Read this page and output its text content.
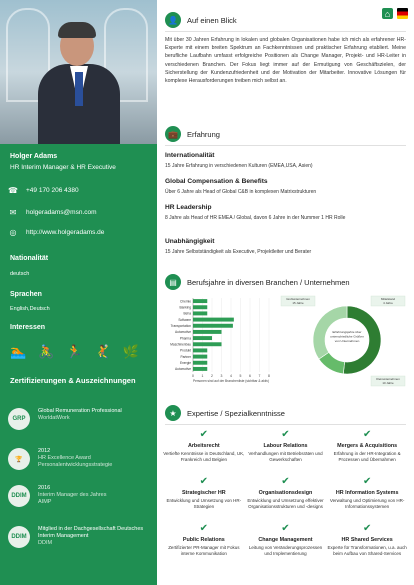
Holger Adams
HR Interim Manager & HR Executive
☎ +49 170 206 4380
✉ holgeradams@msn.com
◎ http://www.holgeradams.de
Nationalität
deutsch
Sprachen
English,Deutsch
Interessen
🏊 🚴 🏃 🤾 🌿
Zertifizierungen & Auszeichnungen
GRP
Global Remuneration Professional
WorldatWork
🏆
2012
HR Excellence Award
Personalentwicklungsstrategie
DDIM
2016
Interim Manager des Jahres
AIMP
DDIM
Mitglied in der Dachgesellschaft Deutsches Interim Management
DDIM
⌂
👤	Auf einen Blick
Mit über 30 Jahren Erfahrung in lokalen und globalen Organisationen habe ich mich als erfahrener HR-Experte mit einem breiten Spektrum an Fachkenntnissen und praktischer Erfahrung etabliert. Meine berufliche Laufbahn umfasst erfolgreiche Positionen als Change Manager, Projekt- und HR-Leiter in verschiedenen Branchen. Der Fokus liegt immer auf der Ermutigung von Geschäftszielen, der Sicherstellung der Kundenzufriedenheit und der Motivation der Mitarbeiter. Innovative Lösungen für komplexe Herausforderungen treiben mich selbst an.
💼	Erfahrung
Internationalität
15 Jahre Erfahrung in verschiedenen Kulturen (EMEA,USA, Asien)
Global Compensation & Benefits
Über 6 Jahre als Head of Global C&B in komplexen Matrixstrukturen
HR Leadership
8 Jahre als Head of HR EMEA / Global, davon 6 Jahre in der Nummer 1 HR Rolle
Unabhängigkeit
15 Jahre Selbstständigkeit als Executive, Projektleiter und Berater
▤	Berufsjahre in diversen Branchen / Unternehmen
0 1 2 3 4 5 6 7 8
Chemie
Banking
Beha
Software
Transportation
Automotive
Pharma
Maschinenbau
Produkt
Partner
Energie
Automotive
Personen sind auf der Branchenliste (sichtbar & aktiv)
Erfahrungsjahre über
unterschiedliche Größen
von Unternehmen
Großunternehmen
15 Jahre
Mittelstand
4 Jahre
Kleinunternehmen
10 Jahre
★	Expertise / Spezialkenntnisse
✔
Arbeitsrecht
Vertiefte Kenntnisse in Deutschland, UK, Frankreich und Belgien
✔
Labour Relations
Verhandlungen mit Betriebsräten und Gewerkschaften
✔
Mergers & Acquisitions
Erfahrung in der HR-Integration & Prozessen und Übernahmen
✔
Strategischer HR
Entwicklung und Umsetzung von HR-Strategien
✔
Organisationsdesign
Entwicklung und Umsetzung effektiver Organisationsstrukturen und -designs
✔
HR Information Systems
Verwaltung und Optimierung von HR-Informationssystemen
✔
Public Relations
Zertifizierter PR-Manager mit Fokus interne Kommunikation
✔
Change Management
Leitung von Veränderungsprozessen und Implementierung
✔
HR Shared Services
Experte für Transformationen, u.a. auch beim Aufbau von Shared-Services
